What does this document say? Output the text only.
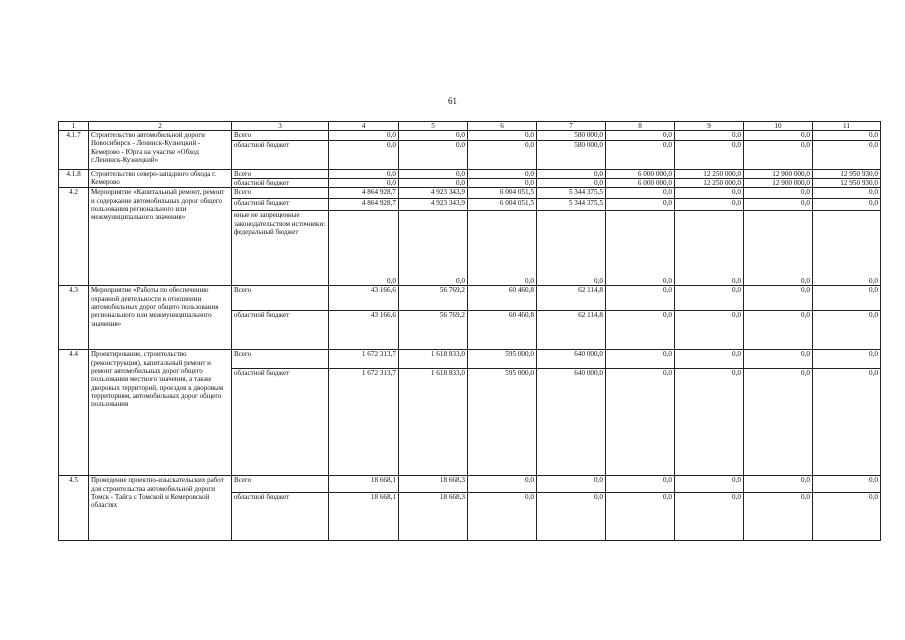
61
1	2	3	4	5	6	7	8	9	10	11
4.1.7	Строительство автомобильной дороги Новосибирск - Ленинск-Кузнецкий - Кемерово - Юрга на участке «Обход г.Ленинск-Кузнецкий»	Всего	0,0	0,0	0,0	580 000,0	0,0	0,0	0,0	0,0
		областной бюджет	0,0	0,0	0,0	580 000,0	0,0	0,0	0,0	0,0
4.1.8	Строительство северо-западного обхода г. Кемерово	Всего	0,0	0,0	0,0	0,0	6 000 000,0	12 250 000,0	12 900 000,0	12 950 930,0
		областной бюджет	0,0	0,0	0,0	0,0	6 000 000,0	12 250 000,0	12 900 000,0	12 950 930,0
4.2	Мероприятие «Капитальный ремонт, ремонт и содержание автомобильных дорог общего пользования регионального или межмуниципального значения»	Всего	4 864 928,7	4 923 343,9	6 004 051,5	5 344 375,5	0,0	0,0	0,0	0,0
		областной бюджет	4 864 928,7	4 923 343,9	6 004 051,5	5 344 375,5	0,0	0,0	0,0	0,0
		иные не запрещенные законодательством источники: федеральный бюджет	0,0	0,0	0,0	0,0	0,0	0,0	0,0	0,0
4.3	Мероприятие «Работы по обеспечению охранной деятельности в отношении автомобильных дорог общего пользования регионального или межмуниципального значения»	Всего	43 166,6	56 769,2	60 460,8	62 114,8	0,0	0,0	0,0	0,0
		областной бюджет	43 166,6	56 769,2	60 460,8	62 114,8	0,0	0,0	0,0	0,0
4.4	Проектирование, строительство (реконструкция), капитальный ремонт и ремонт автомобильных дорог общего пользования местного значения, а также дворовых территорий, проездов к дворовым территориям, автомобильных дорог общего пользования	Всего	1 672 313,7	1 618 833,0	595 000,0	640 000,0	0,0	0,0	0,0	0,0
		областной бюджет	1 672 313,7	1 618 833,0	595 000,0	640 000,0	0,0	0,0	0,0	0,0
4.5	Проведение проектно-изыскательских работ для строительства автомобильной дороги Томск - Тайга с Томской и Кемеровской областях	Всего	18 668,1	18 668,3	0,0	0,0	0,0	0,0	0,0	0,0
		областной бюджет	18 668,1	18 668,3	0,0	0,0	0,0	0,0	0,0	0,0
